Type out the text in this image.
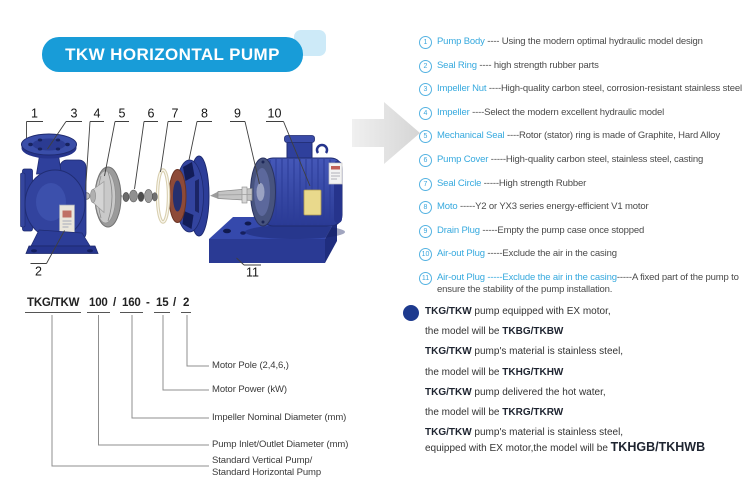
TKW HORIZONTAL PUMP
1	3 4 5 6 7 8 9 10
2	11
1	Pump Body ---- Using the modern optimal hydraulic model design
2	Seal Ring ---- high strength rubber parts
3	Impeller Nut ----High-quality carbon steel, corrosion-resistant stainless steel
4	Impeller ----Select the modern excellent hydraulic model
5	Mechanical Seal ----Rotor (stator) ring is made of Graphite, Hard Alloy
6	Pump Cover -----High-quality carbon steel, stainless steel, casting
7	Seal Circle -----High strength Rubber
8	Moto -----Y2 or YX3 series energy-efficient V1 motor
9	Drain Plug -----Empty the pump case once stopped
10 Air-out Plug -----Exclude the air in the casing
11 Air-out Plug -----Exclude the air in the casing-----A fixed part of the pump to ensure the stability of the pump installation.
TKG/TKW 100 / 160 - 15 / 2
Motor Pole (2,4,6,)
Motor Power (kW)
Impeller Nominal Diameter (mm)
Pump Inlet/Outlet Diameter (mm)
Standard Vertical Pump/
Standard Horizontal Pump
TKG/TKW pump equipped with EX motor,
the model will be TKBG/TKBW
TKG/TKW pump's material is stainless steel,
the model will be TKHG/TKHW
TKG/TKW pump delivered the hot water,
the model will be TKRG/TKRW
TKG/TKW pump's material is stainless steel,
equipped with EX motor,the model will be TKHGB/TKHWB
